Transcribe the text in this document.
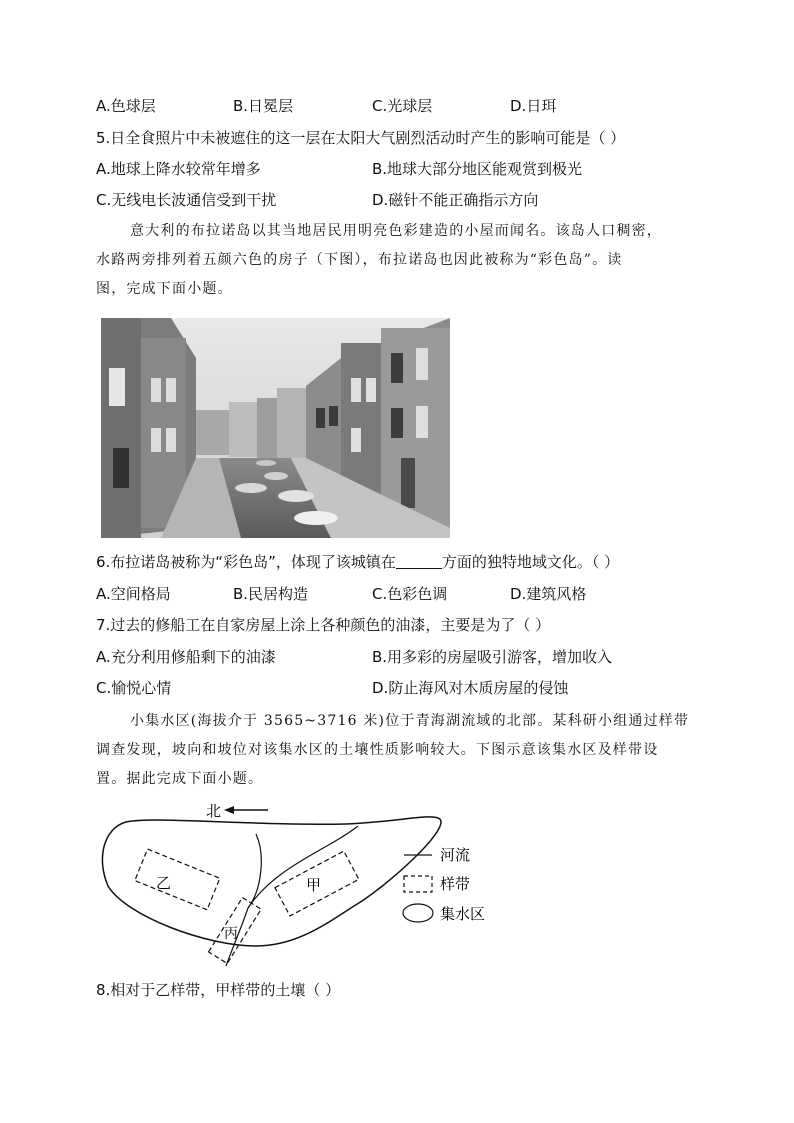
A.色球层	B.日冕层	C.光球层	D.日珥
5.日全食照片中未被遮住的这一层在太阳大气剧烈活动时产生的影响可能是（ ）
A.地球上降水较常年增多	B.地球大部分地区能观赏到极光
C.无线电长波通信受到干扰	D.磁针不能正确指示方向
意大利的布拉诺岛以其当地居民用明亮色彩建造的小屋而闻名。该岛人口稠密，
水路两旁排列着五颜六色的房子（下图），布拉诺岛也因此被称为“彩色岛”。读
图，完成下面小题。
6.布拉诺岛被称为“彩色岛”，体现了该城镇在	方面的独特地域文化。（ ）
A.空间格局	B.民居构造	C.色彩色调	D.建筑风格
7.过去的修船工在自家房屋上涂上各种颜色的油漆，主要是为了（ ）
A.充分利用修船剩下的油漆	B.用多彩的房屋吸引游客，增加收入
C.愉悦心情	D.防止海风对木质房屋的侵蚀
小集水区(海拔介于 3565~3716 米)位于青海湖流域的北部。某科研小组通过样带
调查发现，坡向和坡位对该集水区的土壤性质影响较大。下图示意该集水区及样带设
置。据此完成下面小题。
北
乙	甲
丙
河流
样带
集水区
8.相对于乙样带，甲样带的土壤（ ）
